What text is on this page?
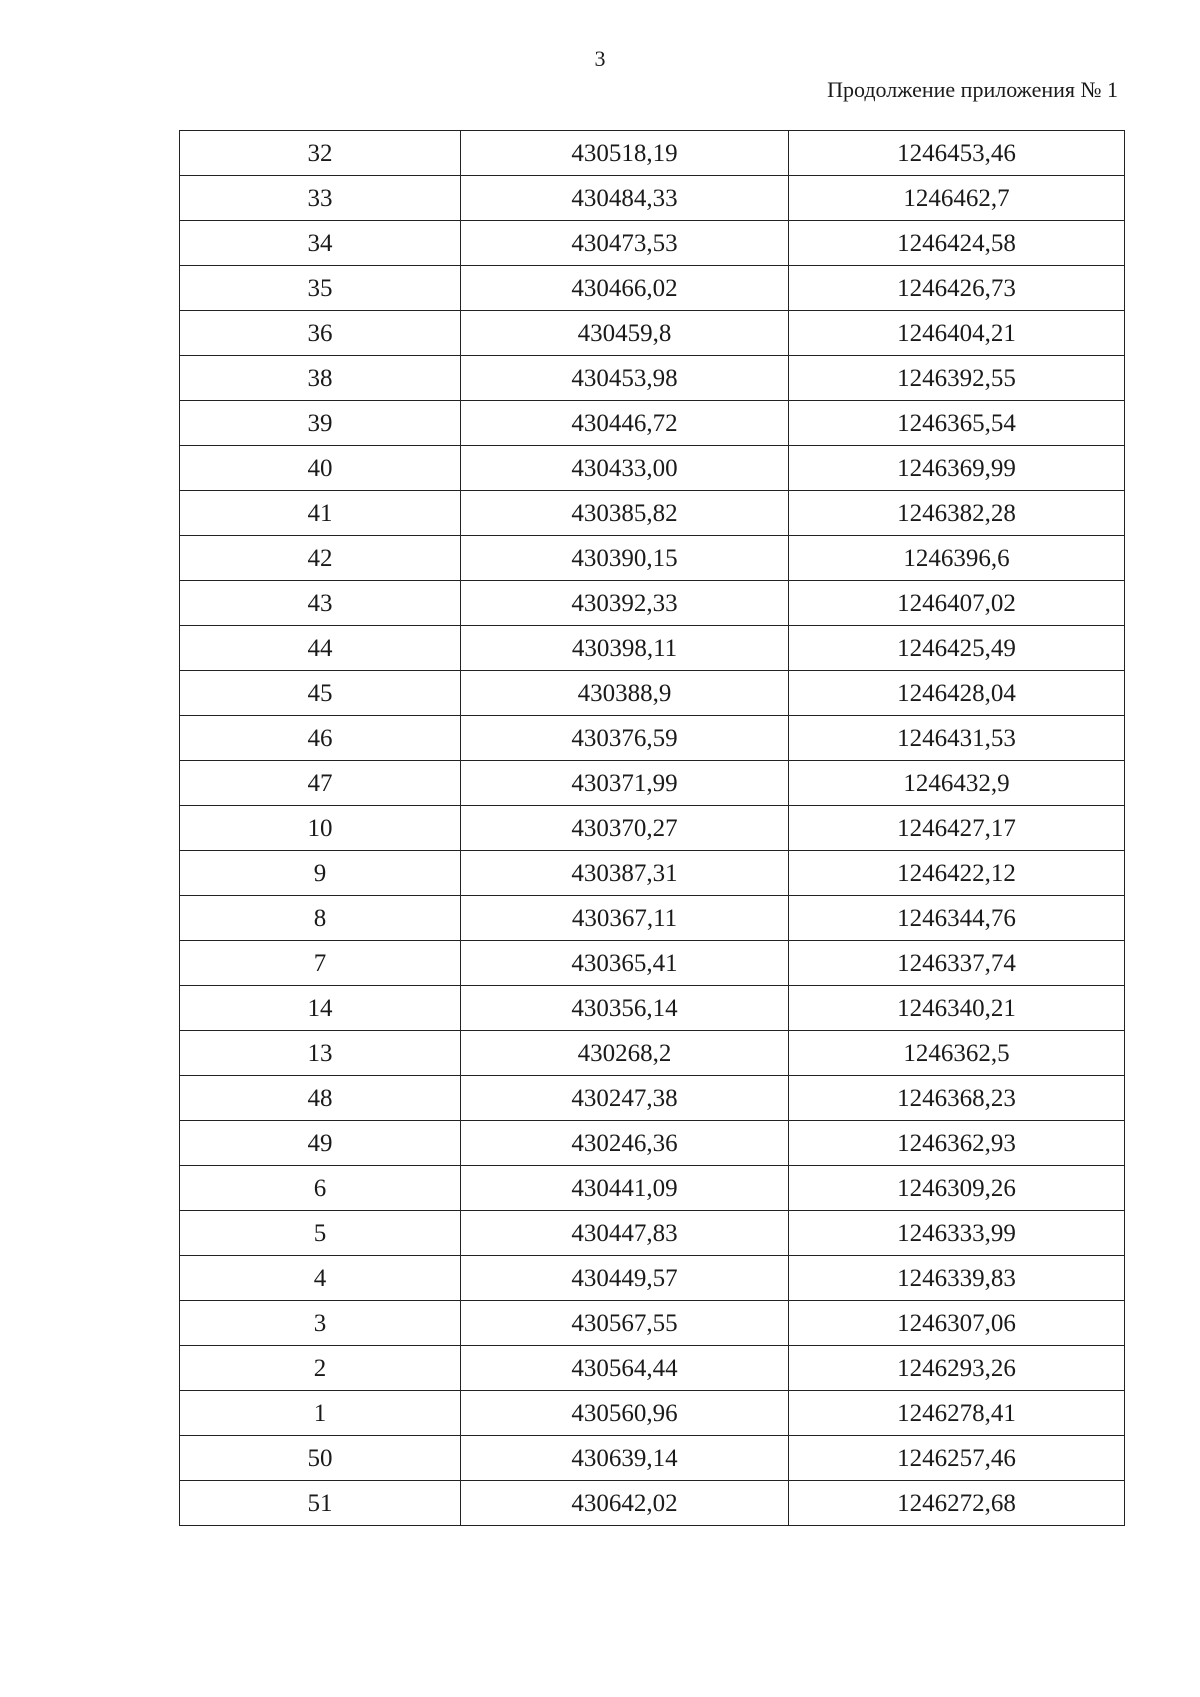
3
Продолжение приложения № 1
32	430518,19	1246453,46
33	430484,33	1246462,7
34	430473,53	1246424,58
35	430466,02	1246426,73
36	430459,8	1246404,21
38	430453,98	1246392,55
39	430446,72	1246365,54
40	430433,00	1246369,99
41	430385,82	1246382,28
42	430390,15	1246396,6
43	430392,33	1246407,02
44	430398,11	1246425,49
45	430388,9	1246428,04
46	430376,59	1246431,53
47	430371,99	1246432,9
10	430370,27	1246427,17
9	430387,31	1246422,12
8	430367,11	1246344,76
7	430365,41	1246337,74
14	430356,14	1246340,21
13	430268,2	1246362,5
48	430247,38	1246368,23
49	430246,36	1246362,93
6	430441,09	1246309,26
5	430447,83	1246333,99
4	430449,57	1246339,83
3	430567,55	1246307,06
2	430564,44	1246293,26
1	430560,96	1246278,41
50	430639,14	1246257,46
51	430642,02	1246272,68
